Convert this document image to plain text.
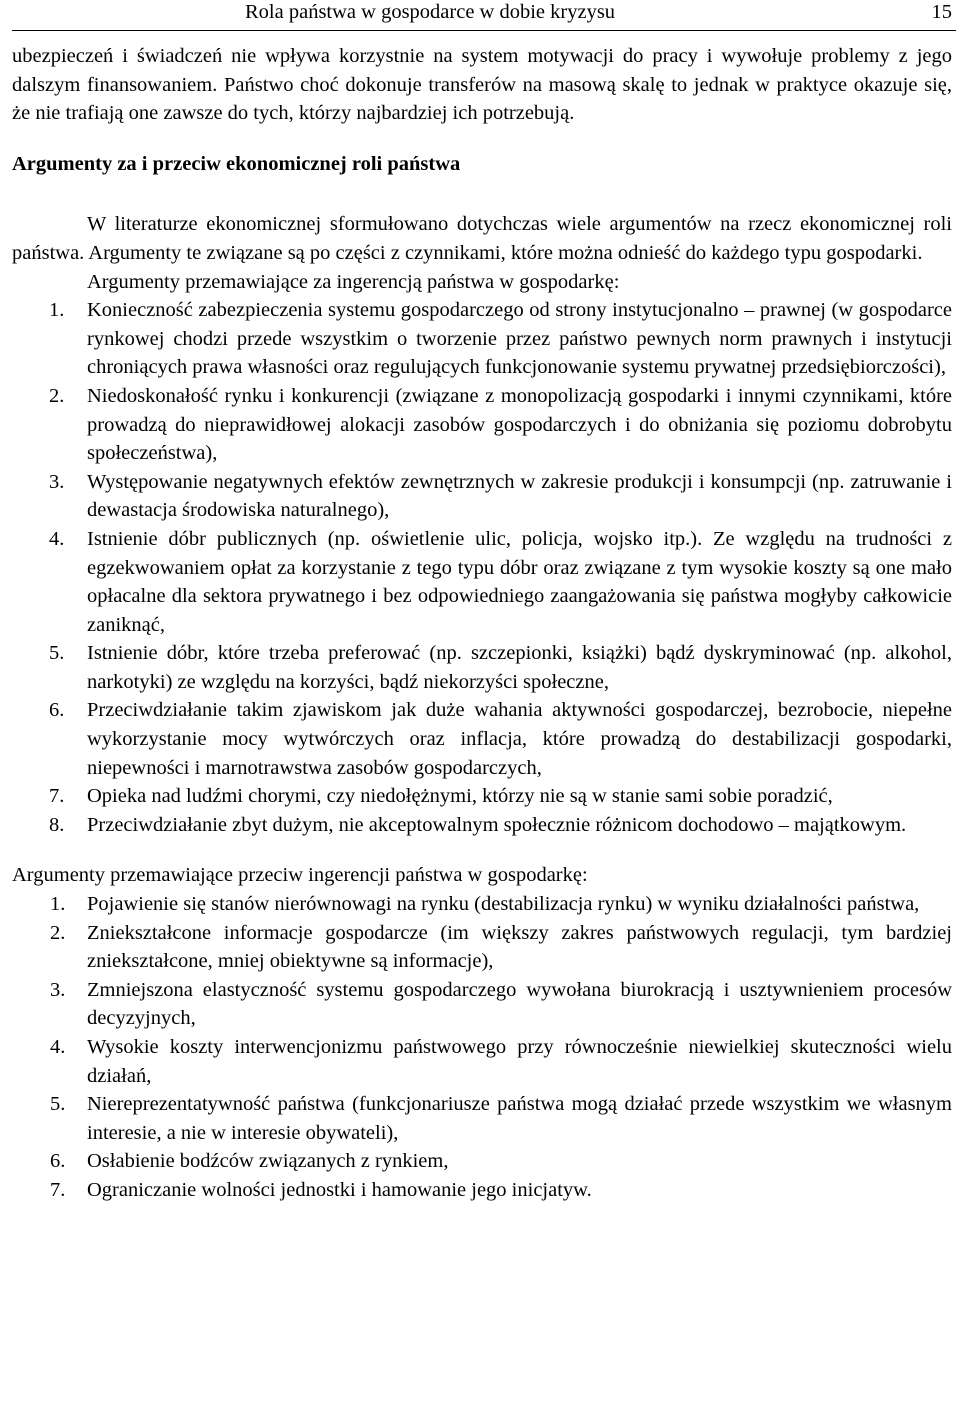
Rola państwa w gospodarce w dobie kryzysu	15

ubezpieczeń i świadczeń nie wpływa korzystnie na system motywacji do pracy i wywołuje problemy z jego dalszym finansowaniem. Państwo choć dokonuje transferów na masową skalę to jednak w praktyce okazuje się, że nie trafiają one zawsze do tych, którzy najbardziej ich potrzebują.

Argumenty za i przeciw ekonomicznej roli państwa

W literaturze ekonomicznej sformułowano dotychczas wiele argumentów na rzecz ekonomicznej roli państwa. Argumenty te związane są po części z czynnikami, które można odnieść do każdego typu gospodarki.

Argumenty przemawiające za ingerencją państwa w gospodarkę:

1. Konieczność zabezpieczenia systemu gospodarczego od strony instytucjonalno – prawnej (w gospodarce rynkowej chodzi przede wszystkim o tworzenie przez państwo pewnych norm prawnych i instytucji chroniących prawa własności oraz regulujących funkcjonowanie systemu prywatnej przedsiębiorczości),
2. Niedoskonałość rynku i konkurencji (związane z monopolizacją gospodarki i innymi czynnikami, które prowadzą do nieprawidłowej alokacji zasobów gospodarczych i do obniżania się poziomu dobrobytu społeczeństwa),
3. Występowanie negatywnych efektów zewnętrznych w zakresie produkcji i konsumpcji (np. zatruwanie i dewastacja środowiska naturalnego),
4. Istnienie dóbr publicznych (np. oświetlenie ulic, policja, wojsko itp.). Ze względu na trudności z egzekwowaniem opłat za korzystanie z tego typu dóbr oraz związane z tym wysokie koszty są one mało opłacalne dla sektora prywatnego i bez odpowiedniego zaangażowania się państwa mogłyby całkowicie zaniknąć,
5. Istnienie dóbr, które trzeba preferować (np. szczepionki, książki) bądź dyskryminować (np. alkohol, narkotyki) ze względu na korzyści, bądź niekorzyści społeczne,
6. Przeciwdziałanie takim zjawiskom jak duże wahania aktywności gospodarczej, bezrobocie, niepełne wykorzystanie mocy wytwórczych oraz inflacja, które prowadzą do destabilizacji gospodarki, niepewności i marnotrawstwa zasobów gospodarczych,
7. Opieka nad ludźmi chorymi, czy niedołężnymi, którzy nie są w stanie sami sobie poradzić,
8. Przeciwdziałanie zbyt dużym, nie akceptowalnym społecznie różnicom dochodowo – majątkowym.

Argumenty przemawiające przeciw ingerencji państwa w gospodarkę:

1. Pojawienie się stanów nierównowagi na rynku (destabilizacja rynku) w wyniku działalności państwa,
2. Zniekształcone informacje gospodarcze (im większy zakres państwowych regulacji, tym bardziej zniekształcone, mniej obiektywne są informacje),
3. Zmniejszona elastyczność systemu gospodarczego wywołana biurokracją i usztywnieniem procesów decyzyjnych,
4. Wysokie koszty interwencjonizmu państwowego przy równocześnie niewielkiej skuteczności wielu działań,
5. Niereprezentatywność państwa (funkcjonariusze państwa mogą działać przede wszystkim we własnym interesie, a nie w interesie obywateli),
6. Osłabienie bodźców związanych z rynkiem,
7. Ograniczanie wolności jednostki i hamowanie jego inicjatyw.
